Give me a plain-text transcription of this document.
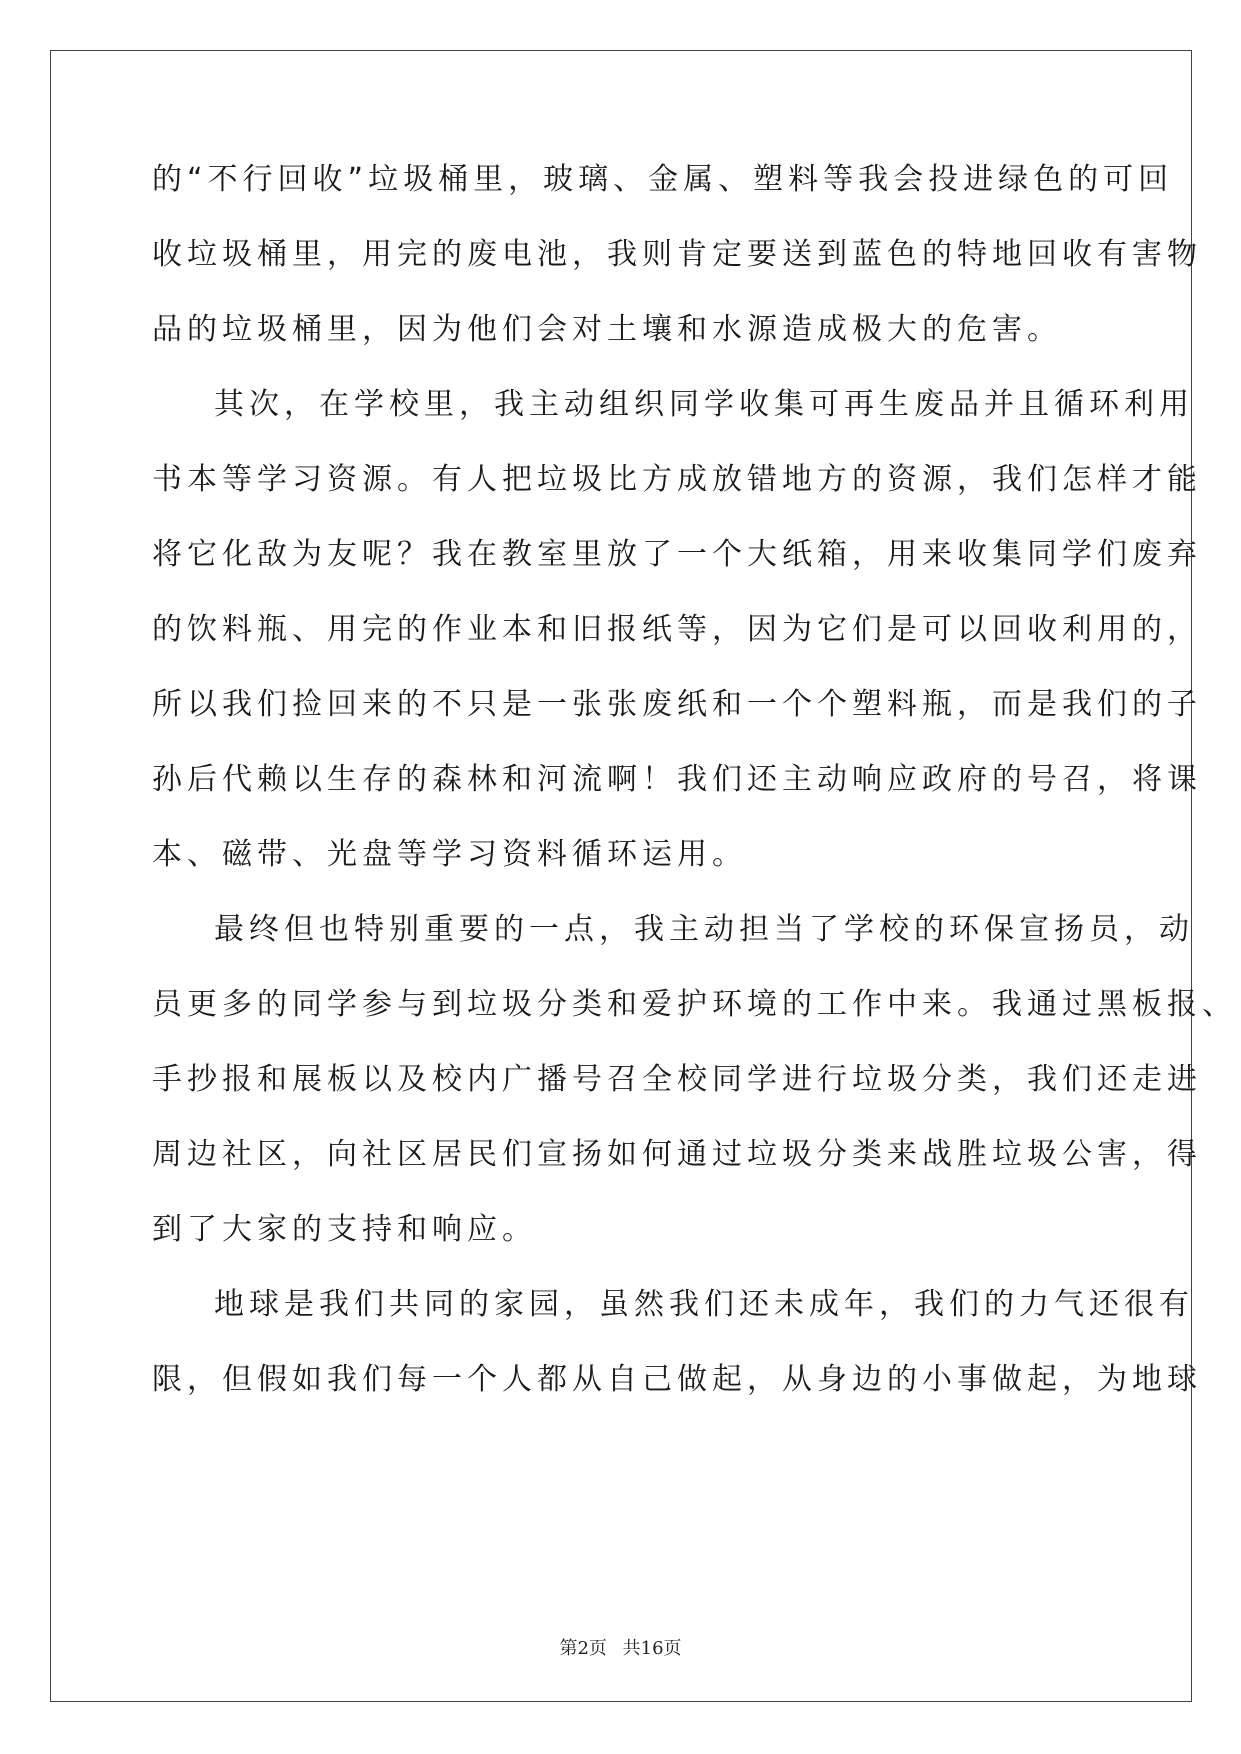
的“不行回收”垃圾桶里，玻璃、金属、塑料等我会投进绿色的可回
收垃圾桶里，用完的废电池，我则肯定要送到蓝色的特地回收有害物
品的垃圾桶里，因为他们会对土壤和水源造成极大的危害。
其次，在学校里，我主动组织同学收集可再生废品并且循环利用
书本等学习资源。有人把垃圾比方成放错地方的资源，我们怎样才能
将它化敌为友呢？我在教室里放了一个大纸箱，用来收集同学们废弃
的饮料瓶、用完的作业本和旧报纸等，因为它们是可以回收利用的，
所以我们捡回来的不只是一张张废纸和一个个塑料瓶，而是我们的子
孙后代赖以生存的森林和河流啊！我们还主动响应政府的号召，将课
本、磁带、光盘等学习资料循环运用。
最终但也特别重要的一点，我主动担当了学校的环保宣扬员，动
员更多的同学参与到垃圾分类和爱护环境的工作中来。我通过黑板报、
手抄报和展板以及校内广播号召全校同学进行垃圾分类，我们还走进
周边社区，向社区居民们宣扬如何通过垃圾分类来战胜垃圾公害，得
到了大家的支持和响应。
地球是我们共同的家园，虽然我们还未成年，我们的力气还很有
限，但假如我们每一个人都从自己做起，从身边的小事做起，为地球
第2页 共16页
